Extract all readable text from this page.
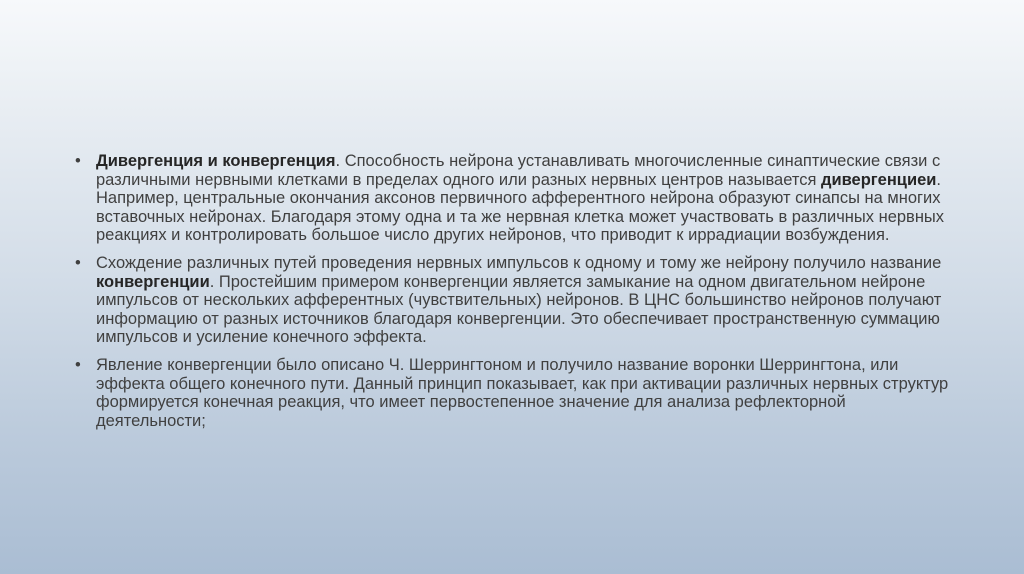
• Дивергенция и конвергенция. Способность нейрона устанавливать многочисленные синаптические связи с различными нервными клетками в пределах одного или разных нервных центров называется дивергенциеи. Например, центральные окончания аксонов первичного афферентного нейрона образуют синапсы на многих вставочных нейронах. Благодаря этому одна и та же нервная клетка может участвовать в различных нервных реакциях и контролировать большое число других нейронов, что приводит к иррадиации возбуждения.
• Схождение различных путей проведения нервных импульсов к одному и тому же нейрону получило название конвергенции. Простейшим примером конвергенции является замыкание на одном двигательном нейроне импульсов от нескольких афферентных (чувствительных) нейронов. В ЦНС большинство нейронов получают информацию от разных источников благодаря конвергенции. Это обеспечивает пространственную суммацию импульсов и усиление конечного эффекта.
• Явление конвергенции было описано Ч. Шеррингтоном и получило название воронки Шеррингтона, или эффекта общего конечного пути. Данный принцип показывает, как при активации различных нервных структур формируется конечная реакция, что имеет первостепенное значение для анализа рефлекторной деятельности;
